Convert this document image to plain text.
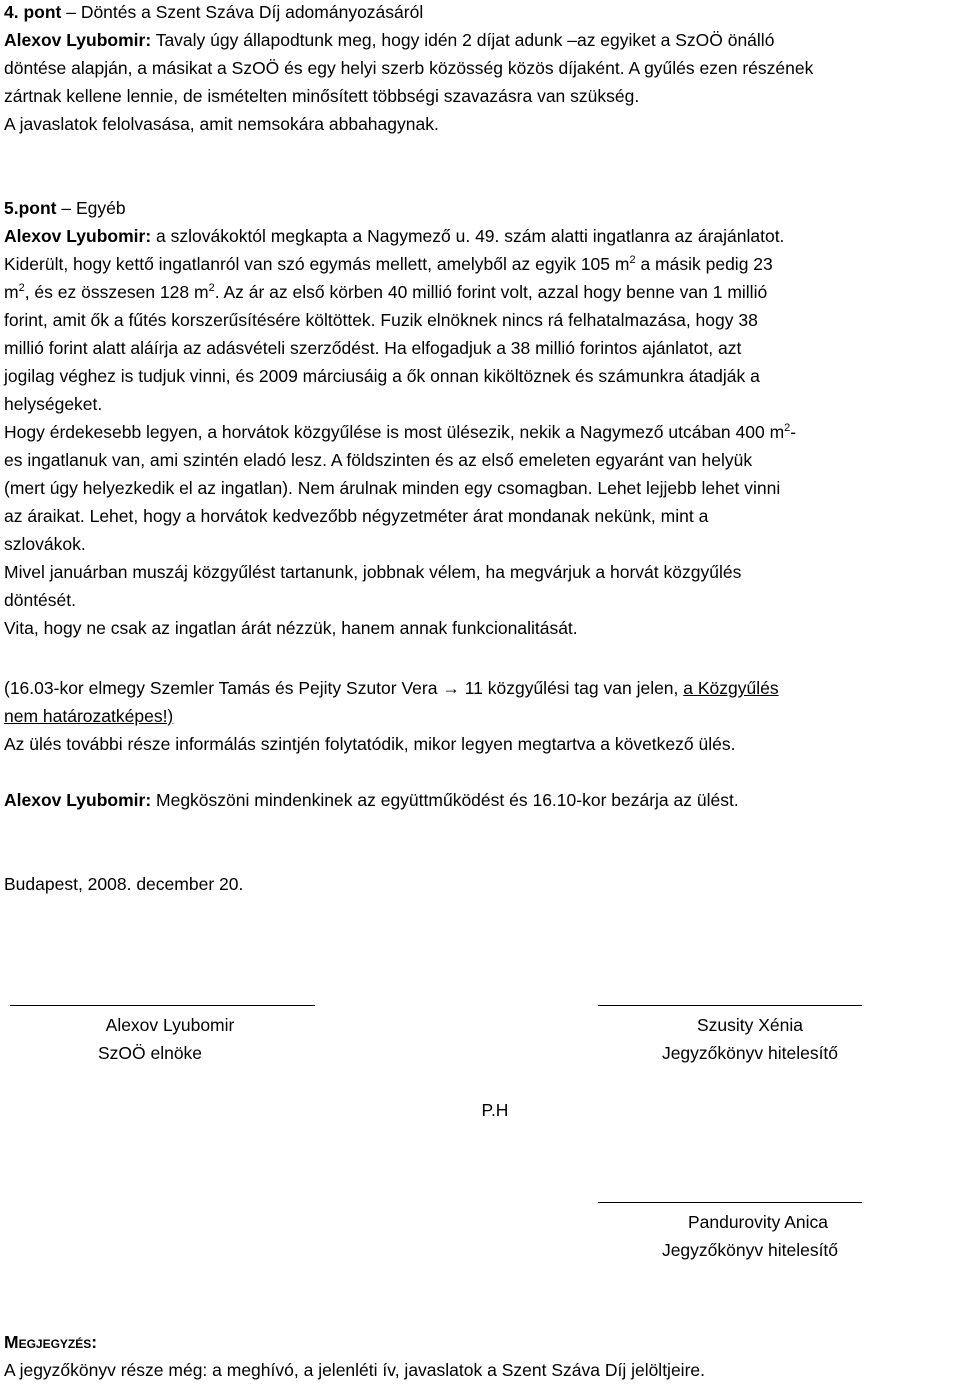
4. pont – Döntés a Szent Száva Díj adományozásáról
Alexov Lyubomir: Tavaly úgy állapodtunk meg, hogy idén 2 díjat adunk –az egyiket a SzOÖ önálló
döntése alapján, a másikat a SzOÖ és egy helyi szerb közösség közös díjaként. A gyűlés ezen részének
zártnak kellene lennie, de ismételten minősített többségi szavazásra van szükség.
A javaslatok felolvasása, amit nemsokára abbahagynak.
5.pont – Egyéb
Alexov Lyubomir: a szlovákoktól megkapta a Nagymező u. 49. szám alatti ingatlanra az árajánlatot.
Kiderült, hogy kettő ingatlanról van szó egymás mellett, amelyből az egyik 105 $m^2$ a másik pedig 23
$m^2$, és ez összesen 128 $m^2$. Az ár az első körben 40 millió forint volt, azzal hogy benne van 1 millió
forint, amit ők a fűtés korszerűsítésére költöttek. Fuzik elnöknek nincs rá felhatalmazása, hogy 38
millió forint alatt aláírja az adásvételi szerződést. Ha elfogadjuk a 38 millió forintos ajánlatot, azt
jogilag véghez is tudjuk vinni, és 2009 márciusáig a ők onnan kiköltöznek és számunkra átadják a
helységeket.
Hogy érdekesebb legyen, a horvátok közgyűlése is most ülésezik, nekik a Nagymező utcában 400 $m^2-$
es ingatlanuk van, ami szintén eladó lesz. A földszinten és az első emeleten egyaránt van helyük
(mert úgy helyezkedik el az ingatlan). Nem árulnak minden egy csomagban. Lehet lejjebb lehet vinni
az áraikat. Lehet, hogy a horvátok kedvezőbb négyzetméter árat mondanak nekünk, mint a
szlovákok.
Mivel januárban muszáj közgyűlést tartanunk, jobbnak vélem, ha megvárjuk a horvát közgyűlés
döntését.
Vita, hogy ne csak az ingatlan árát nézzük, hanem annak funkcionalitását.
(16.03-kor elmegy Szemler Tamás és Pejity Szutor Vera → 11 közgyűlési tag van jelen, a Közgyűlés
nem határozatképes!)
Az ülés további része informálás szintjén folytatódik, mikor legyen megtartva a következő ülés.
Alexov Lyubomir: Megköszöni mindenkinek az együttműködést és 16.10-kor bezárja az ülést.
Budapest, 2008. december 20.
Alexov Lyubomir
SzOÖ elnöke
Szusity Xénia
Jegyzőkönyv hitelesítő
P.H
Pandurovity Anica
Jegyzőkönyv hitelesítő
Megjegyzés:
A jegyzőkönyv része még: a meghívó, a jelenléti ív, javaslatok a Szent Száva Díj jelöltjeire.
